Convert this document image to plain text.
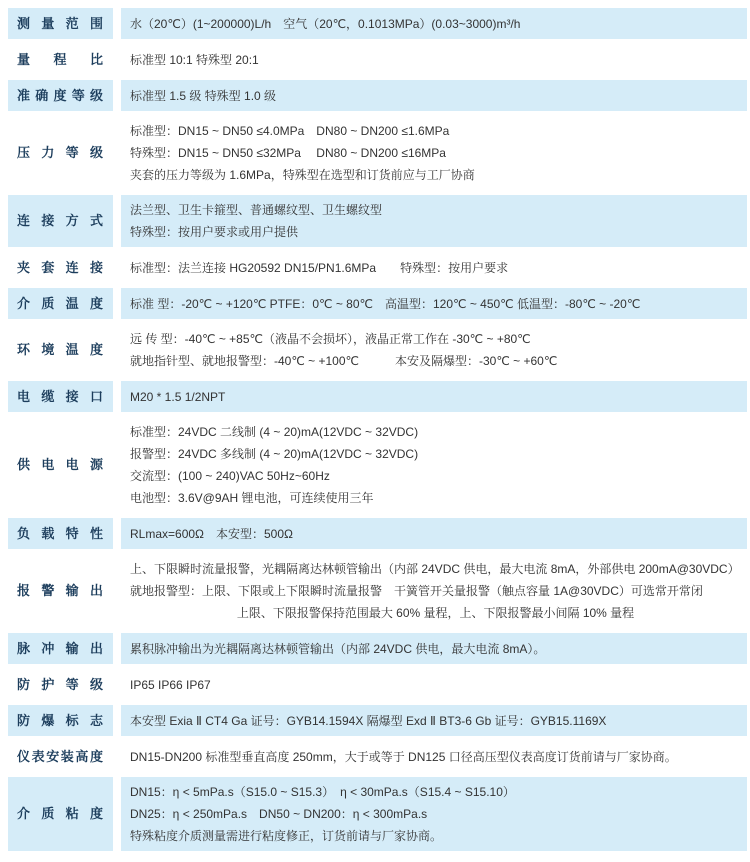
测量范围 水（20℃）(1~200000)L/h　空气（20℃，0.1013MPa）(0.03~3000)m³/h
量程比 标准型 10:1 特殊型 20:1
准确度等级 标准型 1.5 级 特殊型 1.0 级
压力等级
标准型：DN15 ~ DN50 ≤4.0MPa　DN80 ~ DN200 ≤1.6MPa
特殊型：DN15 ~ DN50 ≤32MPa　 DN80 ~ DN200 ≤16MPa
夹套的压力等级为 1.6MPa，特殊型在选型和订货前应与工厂协商
连接方式
法兰型、卫生卡箍型、普通螺纹型、卫生螺纹型
特殊型：按用户要求或用户提供
夹套连接 标准型：法兰连接 HG20592 DN15/PN1.6MPa　　特殊型：按用户要求
介质温度 标准 型：-20℃ ~ +120℃ PTFE：0℃ ~ 80℃　高温型：120℃ ~ 450℃ 低温型：-80℃ ~ -20℃
环境温度
远 传 型：-40℃ ~ +85℃（液晶不会损坏），液晶正常工作在 -30℃ ~ +80℃
就地指针型、就地报警型：-40℃ ~ +100℃　　　本安及隔爆型：-30℃ ~ +60℃
电缆接口 M20 * 1.5 1/2NPT
供电电源
标准型：24VDC 二线制 (4 ~ 20)mA(12VDC ~ 32VDC)
报警型：24VDC 多线制 (4 ~ 20)mA(12VDC ~ 32VDC)
交流型：(100 ~ 240)VAC 50Hz~60Hz
电池型：3.6V@9AH 锂电池，可连续使用三年
负载特性 RLmax=600Ω　本安型：500Ω
报警输出
上、下限瞬时流量报警，光耦隔离达林顿管输出（内部 24VDC 供电，最大电流 8mA，外部供电 200mA@30VDC）
就地报警型：上限、下限或上下限瞬时流量报警　干簧管开关量报警（触点容量 1A@30VDC）可选常开常闭
上限、下限报警保持范围最大 60% 量程，上、下限报警最小间隔 10% 量程
脉冲输出 累积脉冲输出为光耦隔离达林顿管输出（内部 24VDC 供电，最大电流 8mA）。
防护等级 IP65 IP66 IP67
防爆标志 本安型 Exia Ⅱ CT4 Ga 证号：GYB14.1594X 隔爆型 Exd Ⅱ BT3-6 Gb 证号：GYB15.1169X
仪表安装高度 DN15-DN200 标准型垂直高度 250mm，大于或等于 DN125 口径高压型仪表高度订货前请与厂家协商。
介质粘度
DN15：η < 5mPa.s（S15.0 ~ S15.3）　η < 30mPa.s（S15.4 ~ S15.10）
DN25：η < 250mPa.s　DN50 ~ DN200：η < 300mPa.s
特殊粘度介质测量需进行粘度修正，订货前请与厂家协商。
